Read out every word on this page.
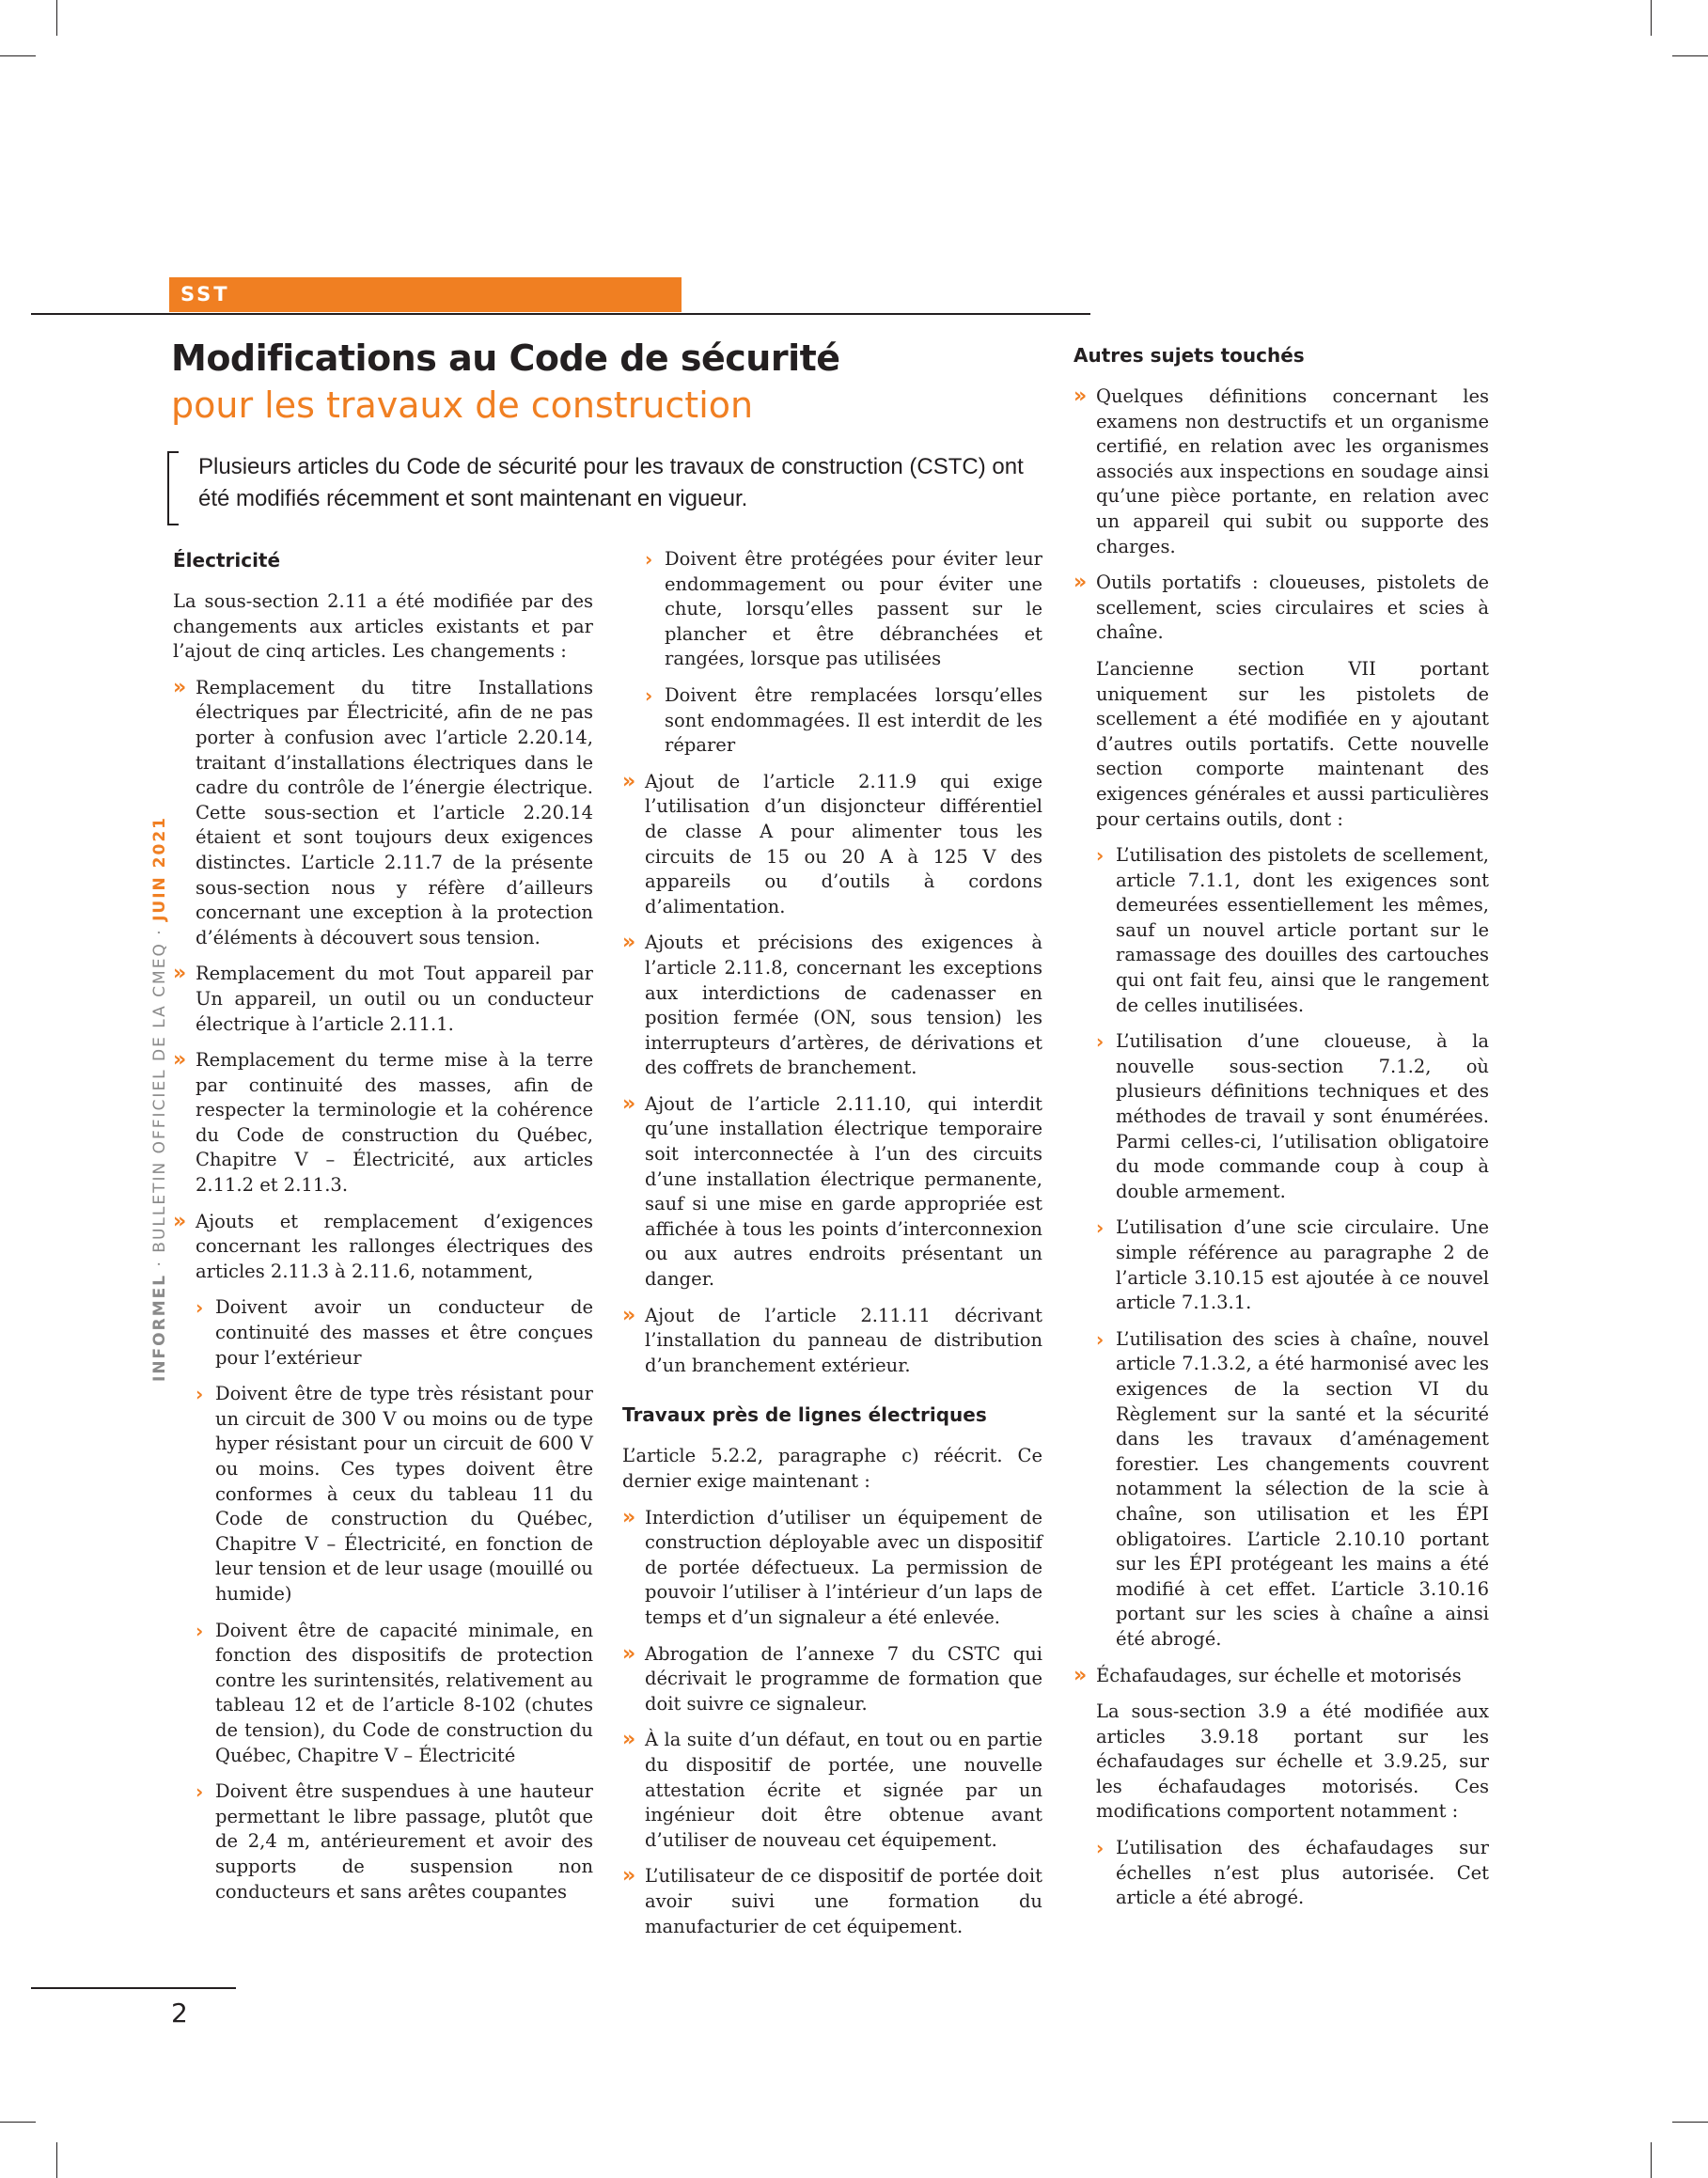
SST
Modifications au Code de sécurité
pour les travaux de construction

Plusieurs articles du Code de sécurité pour les travaux de construction (CSTC) ont été modifiés récemment et sont maintenant en vigueur.

INFORMEL · BULLETIN OFFICIEL DE LA CMEQ · JUIN 2021
Électricité

La sous-section 2.11 a été modifiée par des changements aux articles existants et par l’ajout de cinq articles. Les changements :

» Remplacement du titre Installations électriques par Électricité, afin de ne pas porter à confusion avec l’article 2.20.14, traitant d’installations électriques dans le cadre du contrôle de l’énergie électrique. Cette sous-section et l’article 2.20.14 étaient et sont toujours deux exigences distinctes. L’article 2.11.7 de la présente sous-section nous y réfère d’ailleurs concernant une exception à la protection d’éléments à découvert sous tension.
» Remplacement du mot Tout appareil par Un appareil, un outil ou un conducteur électrique à l’article 2.11.1.
» Remplacement du terme mise à la terre par continuité des masses, afin de respecter la terminologie et la cohérence du Code de construction du Québec, Chapitre V – Électricité, aux articles 2.11.2 et 2.11.3.
» Ajouts et remplacement d’exigences concernant les rallonges électriques des articles 2.11.3 à 2.11.6, notamment,
› Doivent avoir un conducteur de continuité des masses et être conçues pour l’extérieur
› Doivent être de type très résistant pour un circuit de 300 V ou moins ou de type hyper résistant pour un circuit de 600 V ou moins. Ces types doivent être conformes à ceux du tableau 11 du Code de construction du Québec, Chapitre V – Électricité, en fonction de leur tension et de leur usage (mouillé ou humide)
› Doivent être de capacité minimale, en fonction des dispositifs de protection contre les surintensités, relativement au tableau 12 et de l’article 8-102 (chutes de tension), du Code de construction du Québec, Chapitre V – Électricité
› Doivent être suspendues à une hauteur permettant le libre passage, plutôt que de 2,4 m, antérieurement et avoir des supports de suspension non conducteurs et sans arêtes coupantes
› Doivent être protégées pour éviter leur endommagement ou pour éviter une chute, lorsqu’elles passent sur le plancher et être débranchées et rangées, lorsque pas utilisées
› Doivent être remplacées lorsqu’elles sont endommagées. Il est interdit de les réparer
» Ajout de l’article 2.11.9 qui exige l’utilisation d’un disjoncteur différentiel de classe A pour alimenter tous les circuits de 15 ou 20 A à 125 V des appareils ou d’outils à cordons d’alimentation.
» Ajouts et précisions des exigences à l’article 2.11.8, concernant les exceptions aux interdictions de cadenasser en position fermée (ON, sous tension) les interrupteurs d’artères, de dérivations et des coffrets de branchement.
» Ajout de l’article 2.11.10, qui interdit qu’une installation électrique temporaire soit interconnectée à l’un des circuits d’une installation électrique permanente, sauf si une mise en garde appropriée est affichée à tous les points d’interconnexion ou aux autres endroits présentant un danger.
» Ajout de l’article 2.11.11 décrivant l’installation du panneau de distribution d’un branchement extérieur.
Travaux près de lignes électriques

L’article 5.2.2, paragraphe c) réécrit. Ce dernier exige maintenant :

» Interdiction d’utiliser un équipement de construction déployable avec un dispositif de portée défectueux. La permission de pouvoir l’utiliser à l’intérieur d’un laps de temps et d’un signaleur a été enlevée.
» Abrogation de l’annexe 7 du CSTC qui décrivait le programme de formation que doit suivre ce signaleur.
» À la suite d’un défaut, en tout ou en partie du dispositif de portée, une nouvelle attestation écrite et signée par un ingénieur doit être obtenue avant d’utiliser de nouveau cet équipement.
» L’utilisateur de ce dispositif de portée doit avoir suivi une formation du manufacturier de cet équipement.
Autres sujets touchés
» Quelques définitions concernant les examens non destructifs et un organisme certifié, en relation avec les organismes associés aux inspections en soudage ainsi qu’une pièce portante, en relation avec un appareil qui subit ou supporte des charges.
» Outils portatifs : cloueuses, pistolets de scellement, scies circulaires et scies à chaîne.

L’ancienne section VII portant uniquement sur les pistolets de scellement a été modifiée en y ajoutant d’autres outils portatifs. Cette nouvelle section comporte maintenant des exigences générales et aussi particulières pour certains outils, dont :

› L’utilisation des pistolets de scellement, article 7.1.1, dont les exigences sont demeurées essentiellement les mêmes, sauf un nouvel article portant sur le ramassage des douilles des cartouches qui ont fait feu, ainsi que le rangement de celles inutilisées.
› L’utilisation d’une cloueuse, à la nouvelle sous-section 7.1.2, où plusieurs définitions techniques et des méthodes de travail y sont énumérées. Parmi celles-ci, l’utilisation obligatoire du mode commande coup à coup à double armement.
› L’utilisation d’une scie circulaire. Une simple référence au paragraphe 2 de l’article 3.10.15 est ajoutée à ce nouvel article 7.1.3.1.
› L’utilisation des scies à chaîne, nouvel article 7.1.3.2, a été harmonisé avec les exigences de la section VI du Règlement sur la santé et la sécurité dans les travaux d’aménagement forestier. Les changements couvrent notamment la sélection de la scie à chaîne, son utilisation et les ÉPI obligatoires. L’article 2.10.10 portant sur les ÉPI protégeant les mains a été modifié à cet effet. L’article 3.10.16 portant sur les scies à chaîne a ainsi été abrogé.
» Échafaudages, sur échelle et motorisés

La sous-section 3.9 a été modifiée aux articles 3.9.18 portant sur les échafaudages sur échelle et 3.9.25, sur les échafaudages motorisés. Ces modifications comportent notamment :

› L’utilisation des échafaudages sur échelles n’est plus autorisée. Cet article a été abrogé.
2
